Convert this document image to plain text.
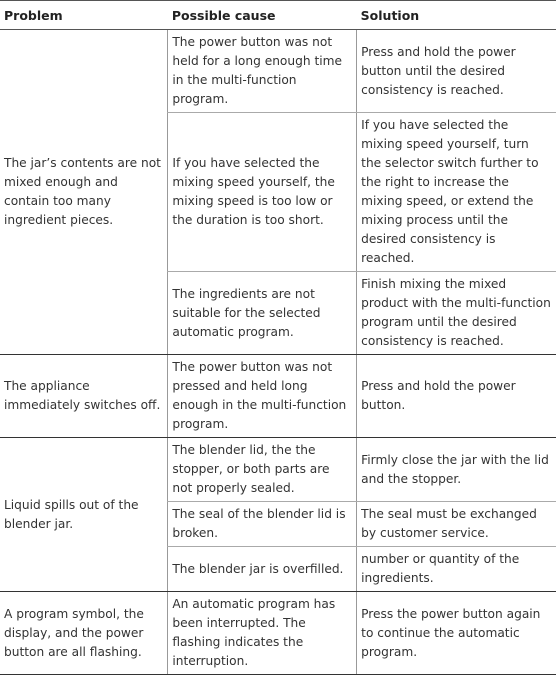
Problem	Possible cause	Solution
The jar’s contents are not mixed enough and contain too many ingredient pieces.	The power button was not held for a long enough time in the multi-function program.	Press and hold the power button until the desired consistency is reached.
	If you have selected the mixing speed yourself, the mixing speed is too low or the duration is too short.	If you have selected the mixing speed yourself, turn the selector switch further to the right to increase the mixing speed, or extend the mixing process until the desired consistency is reached.
	The ingredients are not suitable for the selected automatic program.	Finish mixing the mixed product with the multi-function program until the desired consistency is reached.
The appliance immediately switches off.	The power button was not pressed and held long enough in the multi-function program.	Press and hold the power button.
Liquid spills out of the blender jar.	The blender lid, the the stopper, or both parts are not properly sealed.	Firmly close the jar with the lid and the stopper.
	The seal of the blender lid is broken.	The seal must be exchanged by customer service.
	The blender jar is overfilled.	number or quantity of the ingredients.
A program symbol, the display, and the power button are all flashing.	An automatic program has been interrupted. The flashing indicates the interruption.	Press the power button again to continue the automatic program.
